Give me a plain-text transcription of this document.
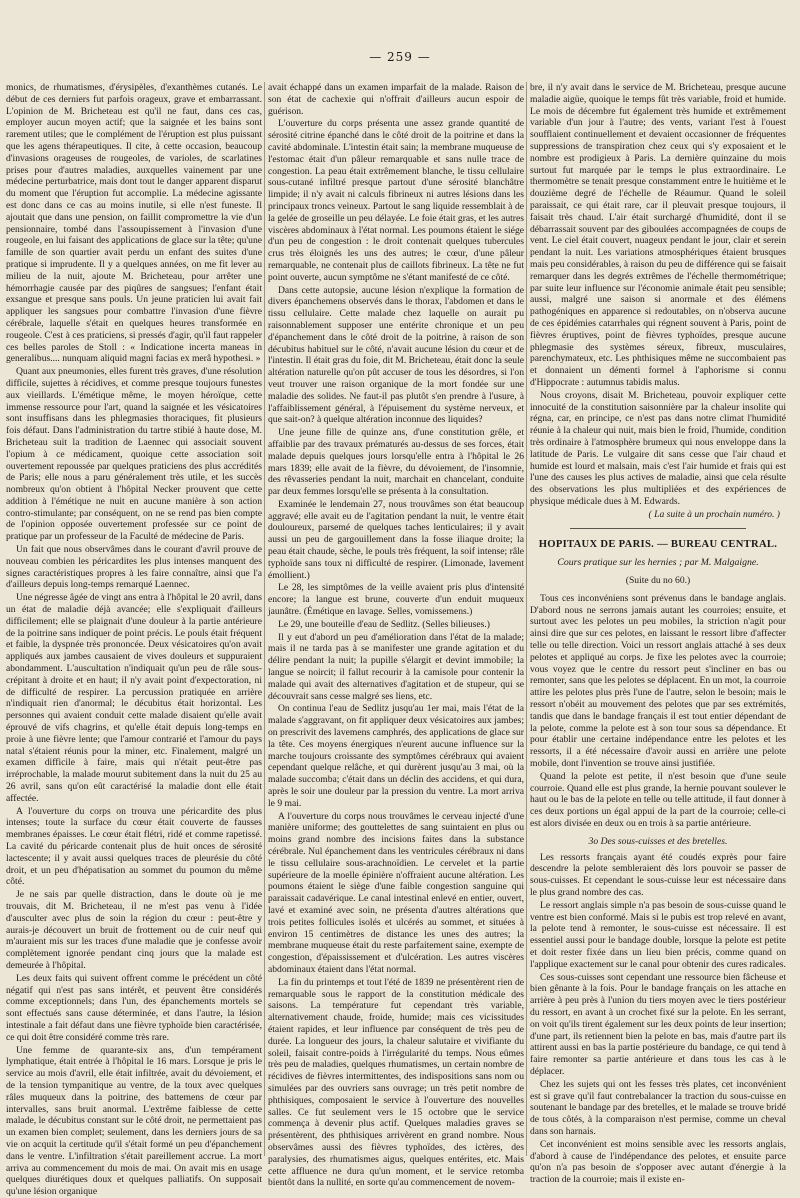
— 259 —

monics, de rhumatismes, d'érysipèles, d'exanthèmes cutanés. Le début de ces derniers fut parfois orageux, grave et embarrassant. L'opinion de M. Bricheteau est qu'il ne faut, dans ces cas, employer aucun moyen actif; que la saignée et les bains sont rarement utiles; que le complément de l'éruption est plus puissant que les agens thérapeutiques. Il cite, à cette occasion, beaucoup d'invasions orageuses de rougeoles, de varioles, de scarlatines prises pour d'autres maladies, auxquelles vainement par une médecine perturbatrice, mais dont tout le danger apparent disparut du moment que l'éruption fut accomplie. La médecine agissante est donc dans ce cas au moins inutile, si elle n'est funeste. Il ajoutait que dans une pension, on faillit compromettre la vie d'un pensionnaire, tombé dans l'assoupissement à l'invasion d'une rougeole, en lui faisant des applications de glace sur la tête; qu'une famille de son quartier avait perdu un enfant des suites d'une pratique si imprudente. Il y a quelques années, on me fit lever au milieu de la nuit, ajoute M. Bricheteau, pour arrêter une hémorrhagie causée par des piqûres de sangsues; l'enfant était exsangue et presque sans pouls. Un jeune praticien lui avait fait appliquer les sangsues pour combattre l'invasion d'une fièvre cérébrale, laquelle s'était en quelques heures transformée en rougeole. C'est à ces praticiens, si pressés d'agir, qu'il faut rappeler ces belles paroles de Stoll : « Indicatione incerta maneas in generalibus.... nunquam aliquid magni facias ex merâ hypothesi. »

Quant aux pneumonies, elles furent très graves, d'une résolution difficile, sujettes à récidives, et comme presque toujours funestes aux vieillards. L'émétique même, le moyen héroïque, cette immense ressource pour l'art, quand la saignée et les vésicatoires sont insuffisans dans les phlegmasies thoraciques, fit plusieurs fois défaut. Dans l'administration du tartre stibié à haute dose, M. Bricheteau suit la tradition de Laennec qui associait souvent l'opium à ce médicament, quoique cette association soit ouvertement repoussée par quelques praticiens des plus accrédités de Paris; elle nous a paru généralement très utile, et les succès nombreux qu'on obtient à l'hôpital Necker prouvent que cette addition à l'émétique ne nuit en aucune manière à son action contro-stimulante; par conséquent, on ne se rend pas bien compte de l'opinion opposée ouvertement professée sur ce point de pratique par un professeur de la Faculté de médecine de Paris.

Un fait que nous observâmes dans le courant d'avril prouve de nouveau combien les péricardites les plus intenses manquent des signes caractéristiques propres à les faire connaître, ainsi que l'a d'ailleurs depuis long-temps remarqué Laennec.

Une négresse âgée de vingt ans entra à l'hôpital le 20 avril, dans un état de maladie déjà avancée; elle s'expliquait d'ailleurs difficilement; elle se plaignait d'une douleur à la partie antérieure de la poitrine sans indiquer de point précis. Le pouls était fréquent et faible, la dyspnée très prononcée. Deux vésicatoires qu'on avait appliqués aux jambes causaient de vives douleurs et suppuraient abondamment. L'auscultation n'indiquait qu'un peu de râle sous-crépitant à droite et en haut; il n'y avait point d'expectoration, ni de difficulté de respirer. La percussion pratiquée en arrière n'indiquait rien d'anormal; le décubitus était horizontal. Les personnes qui avaient conduit cette malade disaient qu'elle avait éprouvé de vifs chagrins, et qu'elle était depuis long-temps en proie à une fièvre lente; que l'amour contrarié et l'amour du pays natal s'étaient réunis pour la miner, etc. Finalement, malgré un examen difficile à faire, mais qui n'était peut-être pas irréprochable, la malade mourut subitement dans la nuit du 25 au 26 avril, sans qu'on eût caractérisé la maladie dont elle était affectée.

A l'ouverture du corps on trouva une péricardite des plus intenses; toute la surface du cœur était couverte de fausses membranes épaisses. Le cœur était flétri, ridé et comme rapetissé. La cavité du péricarde contenait plus de huit onces de sérosité lactescente; il y avait aussi quelques traces de pleurésie du côté droit, et un peu d'hépatisation au sommet du poumon du même côté.

Je ne sais par quelle distraction, dans le doute où je me trouvais, dit M. Bricheteau, il ne m'est pas venu à l'idée d'ausculter avec plus de soin la région du cœur : peut-être y aurais-je découvert un bruit de frottement ou de cuir neuf qui m'auraient mis sur les traces d'une maladie que je confesse avoir complètement ignorée pendant cinq jours que la malade est demeurée à l'hôpital.

Les deux faits qui suivent offrent comme le précédent un côté négatif qui n'est pas sans intérêt, et peuvent être considérés comme exceptionnels; dans l'un, des épanchements mortels se sont effectués sans cause déterminée, et dans l'autre, la lésion intestinale a fait défaut dans une fièvre typhoïde bien caractérisée, ce qui doit être considéré comme très rare.

Une femme de quarante-six ans, d'un tempérament lymphatique, était entrée à l'hôpital le 16 mars. Lorsque je pris le service au mois d'avril, elle était infiltrée, avait du dévoiement, et de la tension tympanitique au ventre, de la toux avec quelques râles muqueux dans la poitrine, des battemens de cœur par intervalles, sans bruit anormal. L'extrême faiblesse de cette malade, le décubitus constant sur le côté droit, ne permettaient pas un examen bien complet; seulement, dans les derniers jours de sa vie on acquit la certitude qu'il s'était formé un peu d'épanchement dans le ventre. L'infiltration s'était pareillement accrue. La mort arriva au commencement du mois de mai. On avait mis en usage quelques diurétiques doux et quelques palliatifs. On supposait qu'une lésion organique

avait échappé dans un examen imparfait de la malade. Raison de son état de cachexie qui n'offrait d'ailleurs aucun espoir de guérison.

L'ouverture du corps présenta une assez grande quantité de sérosité citrine épanché dans le côté droit de la poitrine et dans la cavité abdominale. L'intestin était sain; la membrane muqueuse de l'estomac était d'un pâleur remarquable et sans nulle trace de congestion. La peau était extrêmement blanche, le tissu cellulaire sous-cutané infiltré presque partout d'une sérosité blanchâtre limpide; il n'y avait ni calculs fibrineux ni autres lésions dans les principaux troncs veineux. Partout le sang liquide ressemblait à de la gelée de groseille un peu délayée. Le foie était gras, et les autres viscères abdominaux à l'état normal. Les poumons étaient le siége d'un peu de congestion : le droit contenait quelques tubercules crus très éloignés les uns des autres; le cœur, d'une pâleur remarquable, ne contenait plus de caillots fibrineux. La tête ne fut point ouverte, aucun symptôme ne s'étant manifesté de ce côté.

Dans cette autopsie, aucune lésion n'explique la formation de divers épanchemens observés dans le thorax, l'abdomen et dans le tissu cellulaire. Cette malade chez laquelle on aurait pu raisonnablement supposer une entérite chronique et un peu d'épanchement dans le côté droit de la poitrine, à raison de son décubitus habituel sur le côté, n'avait aucune lésion du cœur et de l'intestin. Il était gras du foie, dit M. Bricheteau, était donc la seule altération naturelle qu'on pût accuser de tous les désordres, si l'on veut trouver une raison organique de la mort fondée sur une maladie des solides. Ne faut-il pas plutôt s'en prendre à l'usure, à l'affaiblissement général, à l'épuisement du système nerveux, et que sait-on? à quelque altération inconnue des liquides?

Une jeune fille de quinze ans, d'une constitution grêle, et affaiblie par des travaux prématurés au-dessus de ses forces, était malade depuis quelques jours lorsqu'elle entra à l'hôpital le 26 mars 1839; elle avait de la fièvre, du dévoiement, de l'insomnie, des rêvasseries pendant la nuit, marchait en chancelant, conduite par deux femmes lorsqu'elle se présenta à la consultation.

Examinée le lendemain 27, nous trouvâmes son état beaucoup aggravé; elle avait eu de l'agitation pendant la nuit, le ventre était douloureux, parsemé de quelques taches lenticulaires; il y avait aussi un peu de gargouillement dans la fosse iliaque droite; la peau était chaude, sèche, le pouls très fréquent, la soif intense; râle typhoïde sans toux ni difficulté de respirer. (Limonade, lavement émollient.)

Le 28, les simptômes de la veille avaient pris plus d'intensité encore; la langue est brune, couverte d'un enduit muqueux jaunâtre. (Émétique en lavage. Selles, vomissemens.)

Le 29, une bouteille d'eau de Sedlitz. (Selles bilieuses.)

Il y eut d'abord un peu d'amélioration dans l'état de la malade; mais il ne tarda pas à se manifester une grande agitation et du délire pendant la nuit; la pupille s'élargit et devint immobile; la langue se noircit; il fallut recourir à la camisole pour contenir la malade qui avait des alternatives d'agitation et de stupeur, qui se découvrait sans cesse malgré ses liens, etc.

On continua l'eau de Sedlitz jusqu'au 1er mai, mais l'état de la malade s'aggravant, on fit appliquer deux vésicatoires aux jambes; on prescrivit des lavemens camphrés, des applications de glace sur la tête. Ces moyens énergiques n'eurent aucune influence sur la marche toujours croissante des symptômes cérébraux qui avaient cependant quelque relâche, et qui durèrent jusqu'au 3 mai, où la malade succomba; c'était dans un déclin des accidens, et qui dura, après le soir une douleur par la pression du ventre. La mort arriva le 9 mai.

A l'ouverture du corps nous trouvâmes le cerveau injecté d'une manière uniforme; des gouttelettes de sang suintaient en plus ou moins grand nombre des incisions faites dans la substance cérébrale. Nul épanchement dans les ventricules cérébraux ni dans le tissu cellulaire sous-arachnoïdien. Le cervelet et la partie supérieure de la moelle épinière n'offraient aucune altération. Les poumons étaient le siège d'une faible congestion sanguine qui paraissait cadavérique. Le canal intestinal enlevé en entier, ouvert, lavé et examiné avec soin, ne présenta d'autres altérations que trois petites follicules isolés et ulcérés au sommet, et situées à environ 15 centimètres de distance les unes des autres; la membrane muqueuse était du reste parfaitement saine, exempte de congestion, d'épaississement et d'ulcération. Les autres viscères abdominaux étaient dans l'état normal.

La fin du printemps et tout l'été de 1839 ne présentèrent rien de remarquable sous le rapport de la constitution médicale des saisons. La température fut cependant très variable, alternativement chaude, froide, humide; mais ces vicissitudes étaient rapides, et leur influence par conséquent de très peu de durée. La longueur des jours, la chaleur salutaire et vivifiante du soleil, faisait contre-poids à l'irrégularité du temps. Nous eûmes très peu de maladies, quelques rhumatismes, un certain nombre de récidives de fièvres intermittentes, des indispositions sans nom ou simulées par des ouvriers sans ouvrage; un très petit nombre de phthisiques, composaient le service à l'ouverture des nouvelles salles. Ce fut seulement vers le 15 octobre que le service commença à devenir plus actif. Quelques maladies graves se présentèrent, des phthisiques arrivèrent en grand nombre. Nous observâmes aussi des fièvres typhoïdes, des ictères, des paralysies, des rhumatismes aigus, quelques entérites, etc. Mais cette affluence ne dura qu'un moment, et le service retomba bientôt dans la nullité, en sorte qu'au commencement de novem-

bre, il n'y avait dans le service de M. Bricheteau, presque aucune maladie aigüe, quoique le temps fût très variable, froid et humide. Le mois de décembre fut également très humide et extrêmement variable d'un jour à l'autre; des vents, variant l'est à l'ouest soufflaient continuellement et devaient occasionner de fréquentes suppressions de transpiration chez ceux qui s'y exposaient et le nombre est prodigieux à Paris. La dernière quinzaine du mois surtout fut marquée par le temps le plus extraordinaire. Le thermomètre se tenait presque constamment entre le huitième et le douzième degré de l'échelle de Réaumur. Quand le soleil paraissait, ce qui était rare, car il pleuvait presque toujours, il faisait très chaud. L'air était surchargé d'humidité, dont il se débarrassait souvent par des giboulées accompagnées de coups de vent. Le ciel était couvert, nuageux pendant le jour, clair et serein pendant la nuit. Les variations atmosphériques étaient brusques mais peu considérables, à raison du peu de différence qui se faisait remarquer dans les degrés extrêmes de l'échelle thermométrique; par suite leur influence sur l'économie animale était peu sensible; aussi, malgré une saison si anormale et des élémens pathogéniques en apparence si redoutables, on n'observa aucune de ces épidémies catarrhales qui régnent souvent à Paris, point de fièvres éruptives, point de fièvres typhoïdes, presque aucune phlegmasie des systèmes séreux, fibreux, musculaires, parenchymateux, etc. Les phthisiques même ne succombaient pas et donnaient un démenti formel à l'aphorisme si connu d'Hippocrate : autumnus tabidis malus.

Nous croyons, disait M. Bricheteau, pouvoir expliquer cette innocuité de la constitution saisonnière par la chaleur insolite qui régna, car, en principe, ce n'est pas dans notre climat l'humidité réunie à la chaleur qui nuit, mais bien le froid, l'humide, condition très ordinaire à l'atmosphère brumeux qui nous enveloppe dans la latitude de Paris. Le vulgaire dit sans cesse que l'air chaud et humide est lourd et malsain, mais c'est l'air humide et frais qui est l'une des causes les plus actives de maladie, ainsi que cela résulte des observations les plus multipliées et des expériences de physique médicale dues à M. Edwards.

( La suite à un prochain numéro. )
HOPITAUX DE PARIS. — BUREAU CENTRAL.
Cours pratique sur les hernies ; par M. Malgaigne.
(Suite du no 60.)

Tous ces inconvéniens sont prévenus dans le bandage anglais. D'abord nous ne serrons jamais autant les courroies; ensuite, et surtout avec les pelotes un peu mobiles, la striction n'agit pour ainsi dire que sur ces pelotes, en laissant le ressort libre d'affecter telle ou telle direction. Voici un ressort anglais attaché à ses deux pelotes et appliqué au corps. Je fixe les pelotes avec la courroie; vous voyez que le centre du ressort peut s'incliner en bas ou remonter, sans que les pelotes se déplacent. En un mot, la courroie attire les pelotes plus près l'une de l'autre, selon le besoin; mais le ressort n'obéit au mouvement des pelotes que par ses extrémités, tandis que dans le bandage français il est tout entier dépendant de la pelote, comme la pelote est à son tour sous sa dépendance. Et pour établir une certaine indépendance entre les pelotes et les ressorts, il a été nécessaire d'avoir aussi en arrière une pelote mobile, dont l'invention se trouve ainsi justifiée.

Quand la pelote est petite, il n'est besoin que d'une seule courroie. Quand elle est plus grande, la hernie pouvant soulever le haut ou le bas de la pelote en telle ou telle attitude, il faut donner à ces deux portions un égal appui de la part de la courroie; celle-ci est alors divisée en deux ou en trois à sa partie antérieure.

3o Des sous-cuisses et des bretelles.

Les ressorts français ayant été coudés exprès pour faire descendre la pelote sembleraient dès lors pouvoir se passer de sous-cuisses. Et cependant le sous-cuisse leur est nécessaire dans le plus grand nombre des cas.

Le ressort anglais simple n'a pas besoin de sous-cuisse quand le ventre est bien conformé. Mais si le pubis est trop relevé en avant, la pelote tend à remonter, le sous-cuisse est nécessaire. Il est essentiel aussi pour le bandage double, lorsque la pelote est petite et doit rester fixée dans un lieu bien précis, comme quand on l'applique exactement sur le canal pour obtenir des cures radicales.

Ces sous-cuisses sont cependant une ressource bien fâcheuse et bien gênante à la fois. Pour le bandage français on les attache en arrière à peu près à l'union du tiers moyen avec le tiers postérieur du ressort, en avant à un crochet fixé sur la pelote. En les serrant, on voit qu'ils tirent également sur les deux points de leur insertion; d'une part, ils retiennent bien la pelote en bas, mais d'autre part ils attirent aussi en bas la partie postérieure du bandage, ce qui tend à faire remonter sa partie antérieure et dans tous les cas à le déplacer.

Chez les sujets qui ont les fesses très plates, cet inconvénient est si grave qu'il faut contrebalancer la traction du sous-cuisse en soutenant le bandage par des bretelles, et le malade se trouve bridé de tous côtés, à la comparaison n'est permise, comme un cheval dans son harnais.

Cet inconvénient est moins sensible avec les ressorts anglais, d'abord à cause de l'indépendance des pelotes, et ensuite parce qu'on n'a pas besoin de s'opposer avec autant d'énergie à la traction de la courroie; mais il existe en-
